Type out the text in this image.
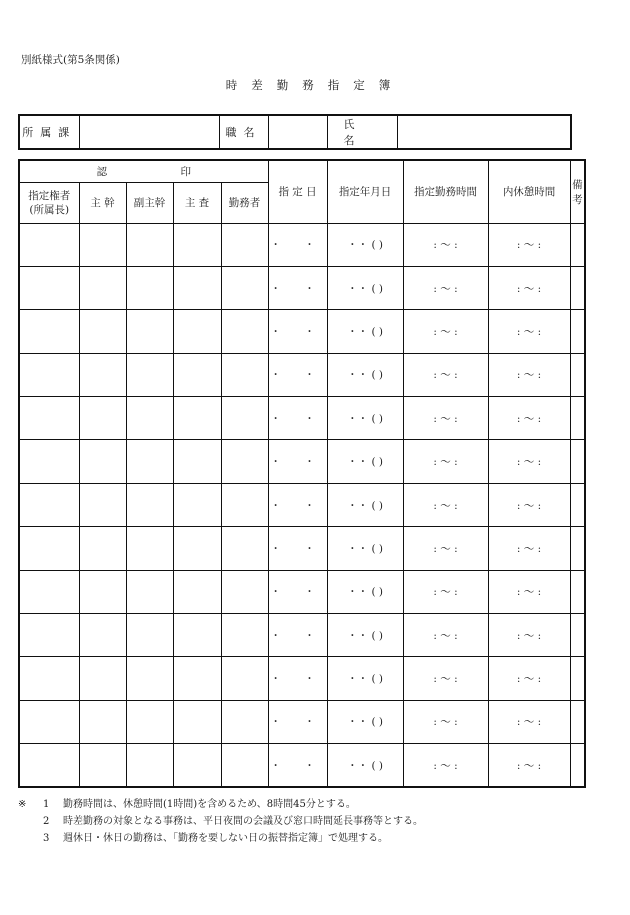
別紙様式(第5条関係)
時差勤務指定簿
所属課		職名		氏名	
認 印					指 定 日	指定年月日	指定勤務時間	内休憩時間	備 考

指定権者
(所属長)	主 幹	副主幹	主 査	勤務者					
					・ ・	・・ ( )	: 〜 :	: 〜 :	
					・ ・	・・ ( )	: 〜 :	: 〜 :	
					・ ・	・・ ( )	: 〜 :	: 〜 :	
					・ ・	・・ ( )	: 〜 :	: 〜 :	
					・ ・	・・ ( )	: 〜 :	: 〜 :	
					・ ・	・・ ( )	: 〜 :	: 〜 :	
					・ ・	・・ ( )	: 〜 :	: 〜 :	
					・ ・	・・ ( )	: 〜 :	: 〜 :	
					・ ・	・・ ( )	: 〜 :	: 〜 :	
					・ ・	・・ ( )	: 〜 :	: 〜 :	
					・ ・	・・ ( )	: 〜 :	: 〜 :	
					・ ・	・・ ( )	: 〜 :	: 〜 :	
					・ ・	・・ ( )	: 〜 :	: 〜 :	
※	1	勤務時間は、休憩時間(1時間)を含めるため、8時間45分とする。
2	時差勤務の対象となる事務は、平日夜間の会議及び窓口時間延長事務等とする。
3	週休日・休日の勤務は、「勤務を要しない日の振替指定簿」で処理する。
